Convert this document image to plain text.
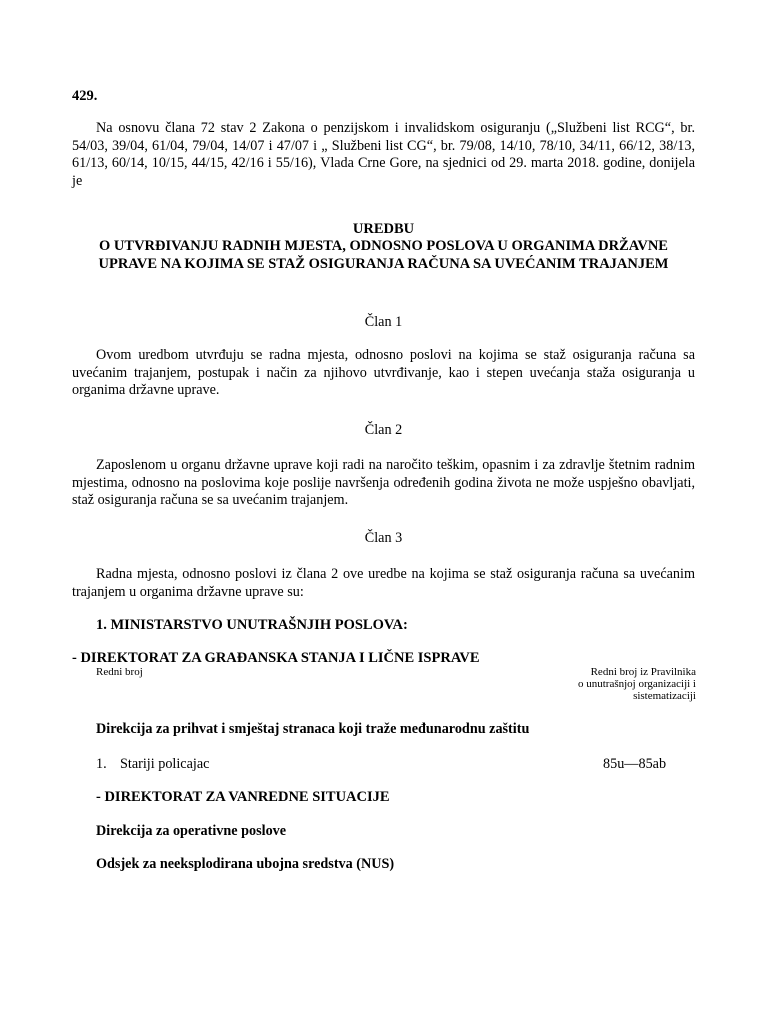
429.
Na osnovu člana 72 stav 2 Zakona o penzijskom i invalidskom osiguranju („Službeni list RCG“, br. 54/03, 39/04, 61/04, 79/04, 14/07 i 47/07 i „ Službeni list CG“, br. 79/08, 14/10, 78/10, 34/11, 66/12, 38/13, 61/13, 60/14, 10/15, 44/15, 42/16 i 55/16), Vlada Crne Gore, na sjednici od 29. marta 2018. godine, donijela je
UREDBU
O UTVRĐIVANJU RADNIH MJESTA, ODNOSNO POSLOVA U ORGANIMA DRŽAVNE UPRAVE NA KOJIMA SE STAŽ OSIGURANJA RAČUNA SA UVEĆANIM TRAJANJEM
Član 1
Ovom uredbom utvrđuju se radna mjesta, odnosno poslovi na kojima se staž osiguranja računa sa uvećanim trajanjem, postupak i način za njihovo utvrđivanje, kao i stepen uvećanja staža osiguranja u organima državne uprave.
Član 2
Zaposlenom u organu državne uprave koji radi na naročito teškim, opasnim i za zdravlje štetnim radnim mjestima, odnosno na poslovima koje poslije navršenja određenih godina života ne može uspješno obavljati, staž osiguranja računa se sa uvećanim trajanjem.
Član 3
Radna mjesta, odnosno poslovi iz člana 2 ove uredbe na kojima se staž osiguranja računa sa uvećanim trajanjem u organima državne uprave su:
1. MINISTARSTVO UNUTRAŠNJIH POSLOVA:
- DIREKTORAT ZA GRAĐANSKA STANJA I LIČNE ISPRAVE
Redni broj	Redni broj iz Pravilnika
o unutrašnjoj organizaciji i
sistematizaciji
Direkcija za prihvat i smještaj stranaca koji traže međunarodnu zaštitu
1. Stariji policajac	85u—85ab
- DIREKTORAT ZA VANREDNE SITUACIJE
Direkcija za operativne poslove
Odsjek za neeksplodirana ubojna sredstva (NUS)
